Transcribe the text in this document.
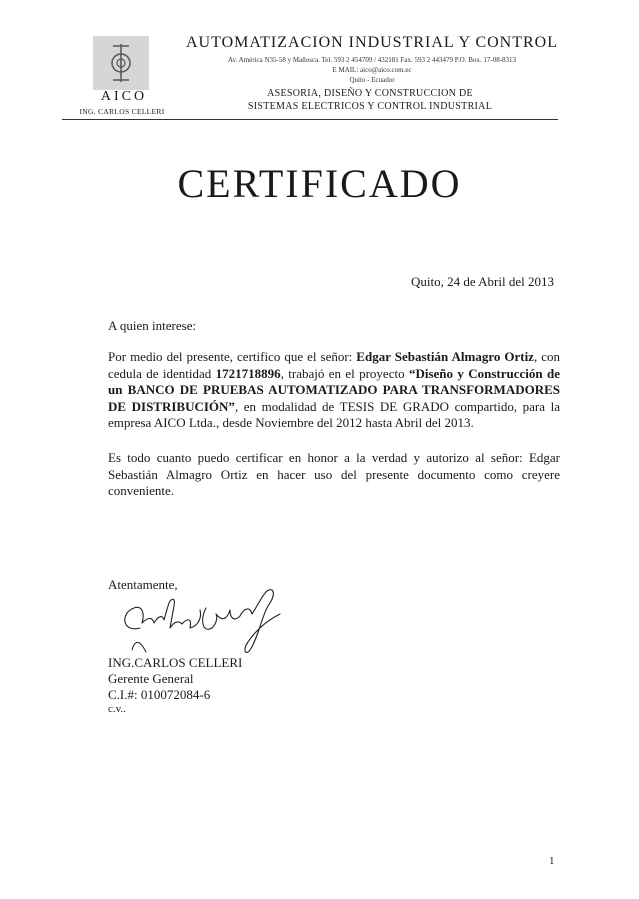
AICO
ING. CARLOS CELLERI
AUTOMATIZACION INDUSTRIAL Y CONTROL
Av. América N35-58 y Mañosca. Tel. 593 2 454709 / 432181 Fax. 593 2 443479 P.O. Box. 17-08-8313
E MAIL: aico@aico.com.ec
Quito - Ecuador
ASESORIA, DISEÑO Y CONSTRUCCION DE
SISTEMAS ELECTRICOS Y CONTROL INDUSTRIAL
CERTIFICADO
Quito, 24 de Abril del 2013
A quien interese:

Por medio del presente, certifico que el señor: Edgar Sebastián Almagro Ortiz, con cedula de identidad 1721718896, trabajó en el proyecto “Diseño y Construcción de un BANCO DE PRUEBAS AUTOMATIZADO PARA TRANSFORMADORES DE DISTRIBUCIÓN”, en modalidad de TESIS DE GRADO compartido, para la empresa AICO Ltda., desde Noviembre del 2012 hasta Abril del 2013.

Es todo cuanto puedo certificar en honor a la verdad y autorizo al señor: Edgar Sebastián Almagro Ortiz en hacer uso del presente documento como creyere conveniente.

Atentamente,
ING.CARLOS CELLERI
Gerente General
C.I.#: 010072084-6
c.v..
1
